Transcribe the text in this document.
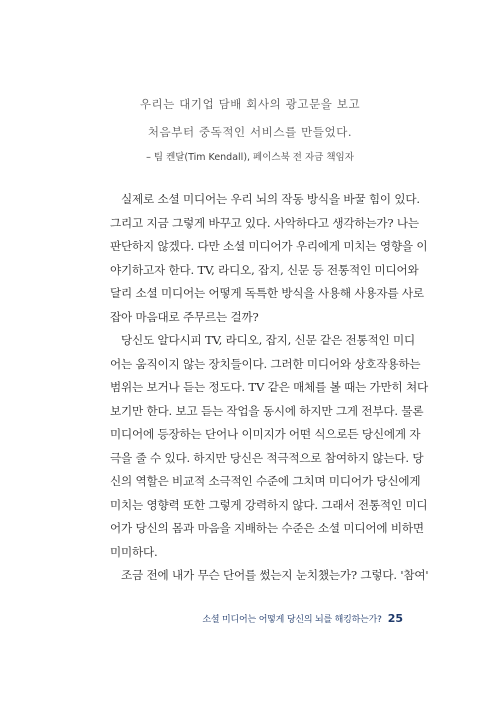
우리는 대기업 담배 회사의 광고문을 보고
처음부터 중독적인 서비스를 만들었다.
– 팀 켄달(Tim Kendall), 페이스북 전 자금 책임자
실제로 소셜 미디어는 우리 뇌의 작동 방식을 바꿀 힘이 있다.
그리고 지금 그렇게 바꾸고 있다. 사악하다고 생각하는가? 나는
판단하지 않겠다. 다만 소셜 미디어가 우리에게 미치는 영향을 이
야기하고자 한다. TV, 라디오, 잡지, 신문 등 전통적인 미디어와
달리 소셜 미디어는 어떻게 독특한 방식을 사용해 사용자를 사로
잡아 마음대로 주무르는 걸까?
당신도 알다시피 TV, 라디오, 잡지, 신문 같은 전통적인 미디
어는 움직이지 않는 장치들이다. 그러한 미디어와 상호작용하는
범위는 보거나 듣는 정도다. TV 같은 매체를 볼 때는 가만히 쳐다
보기만 한다. 보고 듣는 작업을 동시에 하지만 그게 전부다. 물론
미디어에 등장하는 단어나 이미지가 어떤 식으로든 당신에게 자
극을 줄 수 있다. 하지만 당신은 적극적으로 참여하지 않는다. 당
신의 역할은 비교적 소극적인 수준에 그치며 미디어가 당신에게
미치는 영향력 또한 그렇게 강력하지 않다. 그래서 전통적인 미디
어가 당신의 몸과 마음을 지배하는 수준은 소셜 미디어에 비하면
미미하다.
조금 전에 내가 무슨 단어를 썼는지 눈치챘는가? 그렇다. '참여'
소셜 미디어는 어떻게 당신의 뇌를 해킹하는가? 25
